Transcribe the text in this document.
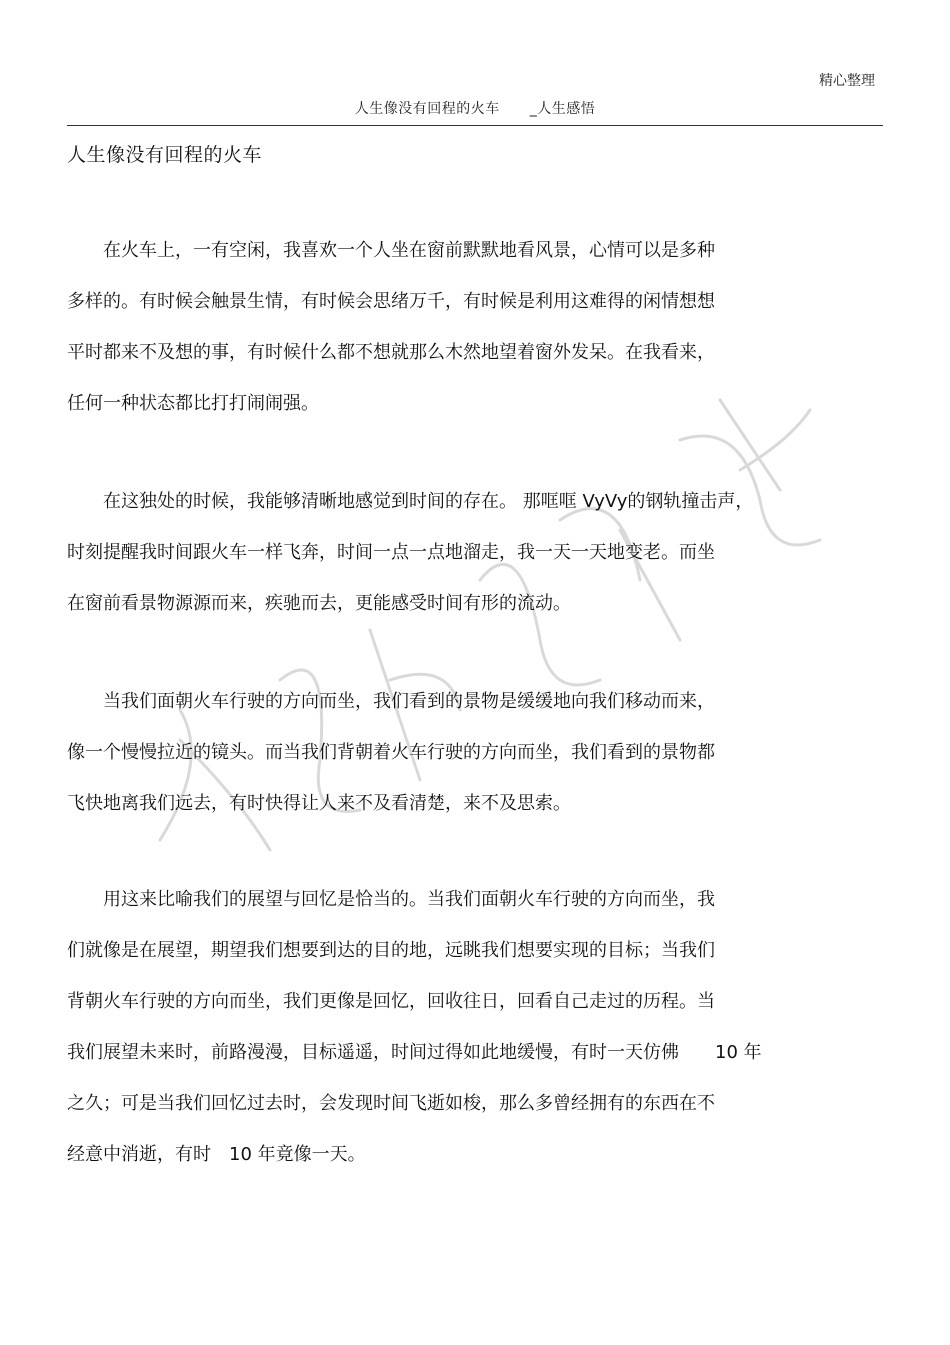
精心整理
人生像没有回程的火车 _人生感悟
人生像没有回程的火车
　　在火车上，一有空闲，我喜欢一个人坐在窗前默默地看风景，心情可以是多种
多样的。有时候会触景生情，有时候会思绪万千，有时候是利用这难得的闲情想想
平时都来不及想的事，有时候什么都不想就那么木然地望着窗外发呆。在我看来，
任何一种状态都比打打闹闹强。
　　在这独处的时候，我能够清晰地感觉到时间的存在。 那哐哐 VyVy的钢轨撞击声，
时刻提醒我时间跟火车一样飞奔，时间一点一点地溜走，我一天一天地变老。而坐
在窗前看景物源源而来，疾驰而去，更能感受时间有形的流动。
　　当我们面朝火车行驶的方向而坐，我们看到的景物是缓缓地向我们移动而来，
像一个慢慢拉近的镜头。而当我们背朝着火车行驶的方向而坐，我们看到的景物都
飞快地离我们远去，有时快得让人来不及看清楚，来不及思索。
　　用这来比喻我们的展望与回忆是恰当的。当我们面朝火车行驶的方向而坐，我
们就像是在展望，期望我们想要到达的目的地，远眺我们想要实现的目标；当我们
背朝火车行驶的方向而坐，我们更像是回忆，回收往日，回看自己走过的历程。当
我们展望未来时，前路漫漫，目标遥遥，时间过得如此地缓慢，有时一天仿佛　　10 年
之久；可是当我们回忆过去时，会发现时间飞逝如梭，那么多曾经拥有的东西在不
经意中消逝，有时　10 年竟像一天。
